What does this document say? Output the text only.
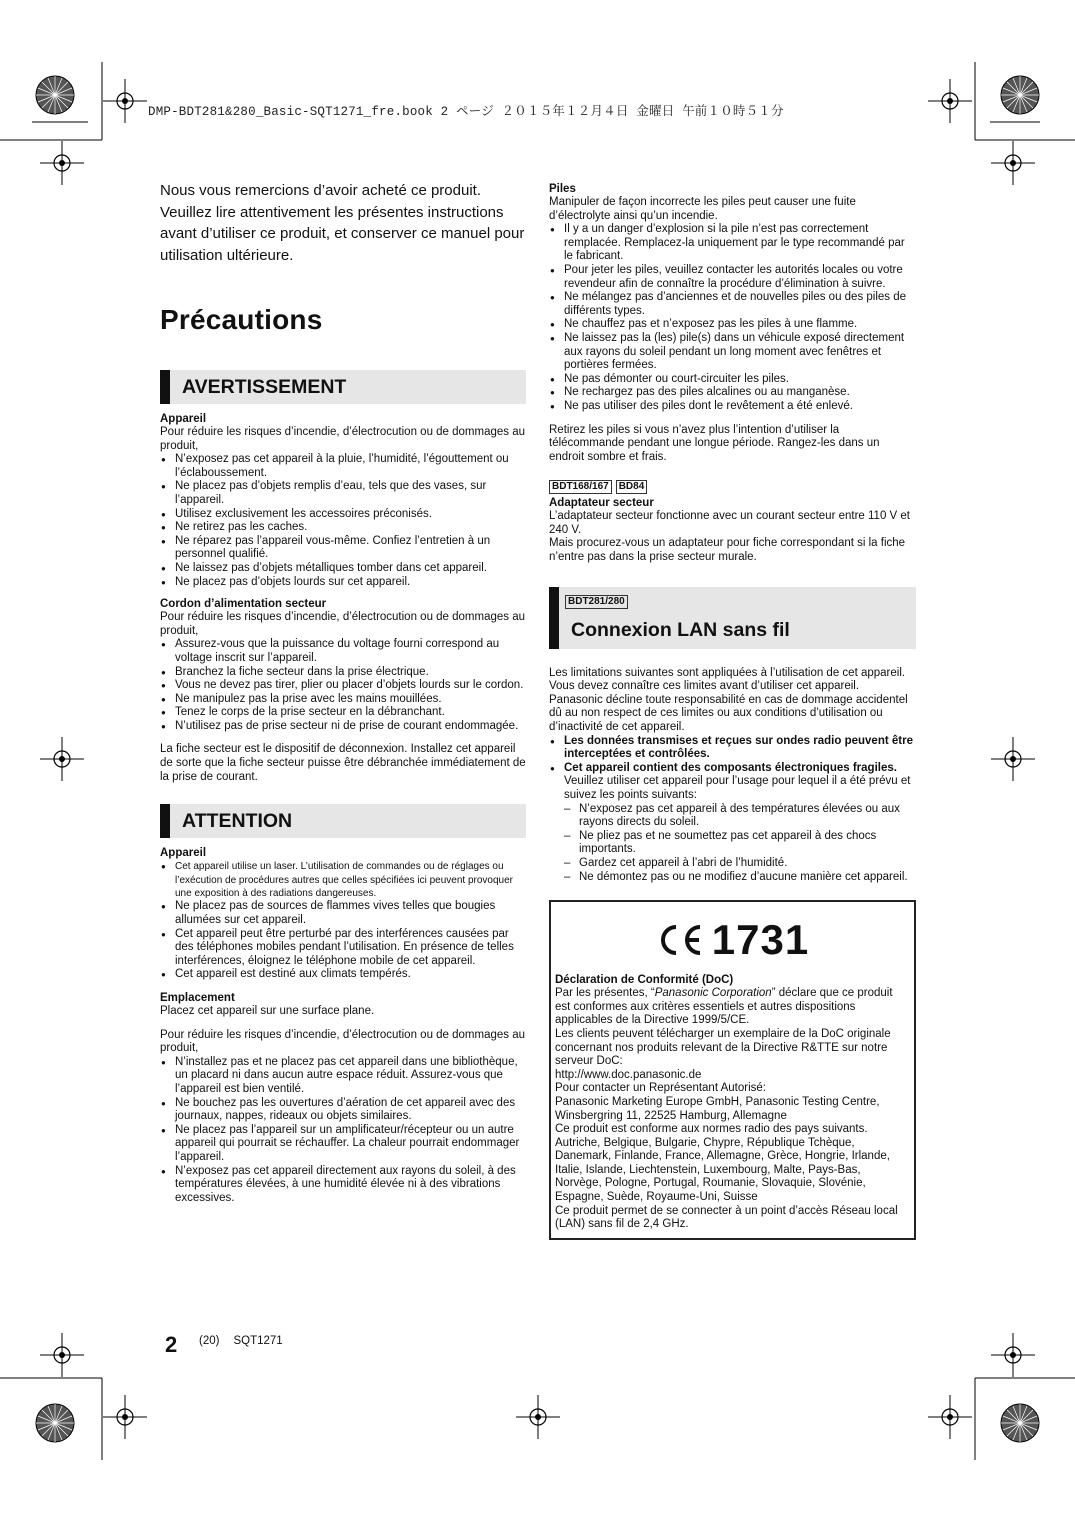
DMP-BDT281&280_Basic-SQT1271_fre.book 2 ページ ２０１５年１２月４日 金曜日 午前１０時５１分

Nous vous remercions d’avoir acheté ce produit. Veuillez lire attentivement les présentes instructions avant d’utiliser ce produit, et conserver ce manuel pour utilisation ultérieure.

Précautions
AVERTISSEMENT
Appareil

Pour réduire les risques d’incendie, d’électrocution ou de dommages au produit,

● N’exposez pas cet appareil à la pluie, l’humidité, l’égouttement ou l’éclaboussement.
● Ne placez pas d’objets remplis d’eau, tels que des vases, sur l’appareil.
● Utilisez exclusivement les accessoires préconisés.
● Ne retirez pas les caches.
● Ne réparez pas l’appareil vous-même. Confiez l’entretien à un personnel qualifié.
● Ne laissez pas d’objets métalliques tomber dans cet appareil.
● Ne placez pas d’objets lourds sur cet appareil.
Cordon d’alimentation secteur

Pour réduire les risques d’incendie, d’électrocution ou de dommages au produit,

● Assurez-vous que la puissance du voltage fourni correspond au voltage inscrit sur l’appareil.
● Branchez la fiche secteur dans la prise électrique.
● Vous ne devez pas tirer, plier ou placer d’objets lourds sur le cordon.
● Ne manipulez pas la prise avec les mains mouillées.
● Tenez le corps de la prise secteur en la débranchant.
● N’utilisez pas de prise secteur ni de prise de courant endommagée.

La fiche secteur est le dispositif de déconnexion. Installez cet appareil de sorte que la fiche secteur puisse être débranchée immédiatement de la prise de courant.

ATTENTION
Appareil
● Cet appareil utilise un laser. L’utilisation de commandes ou de réglages ou l’exécution de procédures autres que celles spécifiées ici peuvent provoquer une exposition à des radiations dangereuses.
● Ne placez pas de sources de flammes vives telles que bougies allumées sur cet appareil.
● Cet appareil peut être perturbé par des interférences causées par des téléphones mobiles pendant l’utilisation. En présence de telles interférences, éloignez le téléphone mobile de cet appareil.
● Cet appareil est destiné aux climats tempérés.
Emplacement

Placez cet appareil sur une surface plane.

Pour réduire les risques d’incendie, d’électrocution ou de dommages au produit,

● N’installez pas et ne placez pas cet appareil dans une bibliothèque, un placard ni dans aucun autre espace réduit. Assurez-vous que l’appareil est bien ventilé.
● Ne bouchez pas les ouvertures d’aération de cet appareil avec des journaux, nappes, rideaux ou objets similaires.
● Ne placez pas l’appareil sur un amplificateur/récepteur ou un autre appareil qui pourrait se réchauffer. La chaleur pourrait endommager l’appareil.
● N’exposez pas cet appareil directement aux rayons du soleil, à des températures élevées, à une humidité élevée ni à des vibrations excessives.
Piles

Manipuler de façon incorrecte les piles peut causer une fuite d’électrolyte ainsi qu’un incendie.

● Il y a un danger d’explosion si la pile n’est pas correctement remplacée. Remplacez-la uniquement par le type recommandé par le fabricant.
● Pour jeter les piles, veuillez contacter les autorités locales ou votre revendeur afin de connaître la procédure d’élimination à suivre.
● Ne mélangez pas d’anciennes et de nouvelles piles ou des piles de différents types.
● Ne chauffez pas et n’exposez pas les piles à une flamme.
● Ne laissez pas la (les) pile(s) dans un véhicule exposé directement aux rayons du soleil pendant un long moment avec fenêtres et portières fermées.
● Ne pas démonter ou court-circuiter les piles.
● Ne rechargez pas des piles alcalines ou au manganèse.
● Ne pas utiliser des piles dont le revêtement a été enlevé.

Retirez les piles si vous n’avez plus l’intention d’utiliser la télécommande pendant une longue période. Rangez-les dans un endroit sombre et frais.

BDT168/167 BD84
Adaptateur secteur

L’adaptateur secteur fonctionne avec un courant secteur entre 110 V et 240 V.

Mais procurez-vous un adaptateur pour fiche correspondant si la fiche n’entre pas dans la prise secteur murale.

BDT281/280
Connexion LAN sans fil

Les limitations suivantes sont appliquées à l’utilisation de cet appareil. Vous devez connaître ces limites avant d’utiliser cet appareil.

Panasonic décline toute responsabilité en cas de dommage accidentel dû au non respect de ces limites ou aux conditions d’utilisation ou d’inactivité de cet appareil.

● Les données transmises et reçues sur ondes radio peuvent être interceptées et contrôlées.
● Cet appareil contient des composants électroniques fragiles.

Veuillez utiliser cet appareil pour l’usage pour lequel il a été prévu et suivez les points suivants:

– N’exposez pas cet appareil à des températures élevées ou aux rayons directs du soleil.
– Ne pliez pas et ne soumettez pas cet appareil à des chocs importants.
– Gardez cet appareil à l’abri de l’humidité.
– Ne démontez pas ou ne modifiez d’aucune manière cet appareil.
1731
Déclaration de Conformité (DoC)

Par les présentes, “Panasonic Corporation” déclare que ce produit est conformes aux critères essentiels et autres dispositions applicables de la Directive 1999/5/CE.

Les clients peuvent télécharger un exemplaire de la DoC originale concernant nos produits relevant de la Directive R&TTE sur notre serveur DoC:

http://www.doc.panasonic.de

Pour contacter un Représentant Autorisé:

Panasonic Marketing Europe GmbH, Panasonic Testing Centre, Winsbergring 11, 22525 Hamburg, Allemagne

Ce produit est conforme aux normes radio des pays suivants.

Autriche, Belgique, Bulgarie, Chypre, République Tchèque, Danemark, Finlande, France, Allemagne, Grèce, Hongrie, Irlande, Italie, Islande, Liechtenstein, Luxembourg, Malte, Pays-Bas, Norvège, Pologne, Portugal, Roumanie, Slovaquie, Slovénie, Espagne, Suède, Royaume-Uni, Suisse

Ce produit permet de se connecter à un point d’accès Réseau local (LAN) sans fil de 2,4 GHz.

2 (20) SQT1271
